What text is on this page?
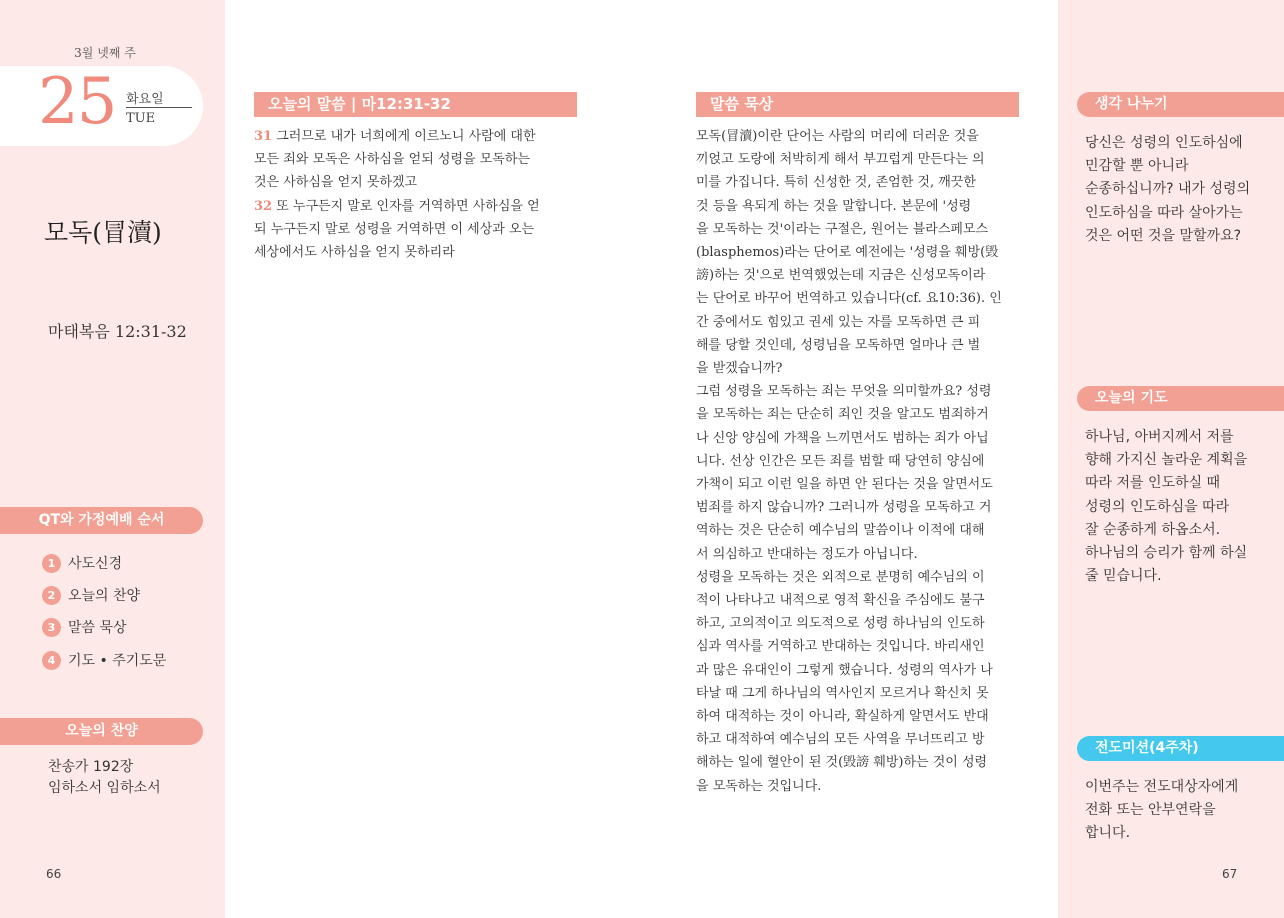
3월 넷째 주
25 화요일
TUE
모독(冒瀆)
마태복음 12:31-32
QT와 가정예배 순서
1 사도신경
2 오늘의 찬양
3 말씀 묵상
4 기도 • 주기도문
오늘의 찬양
찬송가 192장
임하소서 임하소서
66
오늘의 말씀 | 마12:31-32
31 그러므로 내가 너희에게 이르노니 사람에 대한
모든 죄와 모독은 사하심을 얻되 성령을 모독하는
것은 사하심을 얻지 못하겠고
32 또 누구든지 말로 인자를 거역하면 사하심을 얻
되 누구든지 말로 성령을 거역하면 이 세상과 오는
세상에서도 사하심을 얻지 못하리라
말씀 묵상
모독(冒瀆)이란 단어는 사람의 머리에 더러운 것을
끼얹고 도랑에 처박히게 해서 부끄럽게 만든다는 의
미를 가집니다. 특히 신성한 것, 존엄한 것, 깨끗한
것 등을 욕되게 하는 것을 말합니다. 본문에 '성령
을 모독하는 것'이라는 구절은, 원어는 블라스페모스
(blasphemos)라는 단어로 예전에는 '성령을 훼방(毁
謗)하는 것'으로 번역했었는데 지금은 신성모독이라
는 단어로 바꾸어 번역하고 있습니다(cf. 요10:36). 인
간 중에서도 힘있고 권세 있는 자를 모독하면 큰 피
해를 당할 것인데, 성령님을 모독하면 얼마나 큰 벌
을 받겠습니까?
그럼 성령을 모독하는 죄는 무엇을 의미할까요? 성령
을 모독하는 죄는 단순히 죄인 것을 알고도 범죄하거
나 신앙 양심에 가책을 느끼면서도 범하는 죄가 아닙
니다. 선상 인간은 모든 죄를 범할 때 당연히 양심에
가책이 되고 이런 일을 하면 안 된다는 것을 알면서도
범죄를 하지 않습니까? 그러니까 성령을 모독하고 거
역하는 것은 단순히 예수님의 말씀이나 이적에 대해
서 의심하고 반대하는 정도가 아닙니다.
성령을 모독하는 것은 외적으로 분명히 예수님의 이
적이 나타나고 내적으로 영적 확신을 주심에도 불구
하고, 고의적이고 의도적으로 성령 하나님의 인도하
심과 역사를 거역하고 반대하는 것입니다. 바리새인
과 많은 유대인이 그렇게 했습니다. 성령의 역사가 나
타날 때 그게 하나님의 역사인지 모르거나 확신치 못
하여 대적하는 것이 아니라, 확실하게 알면서도 반대
하고 대적하여 예수님의 모든 사역을 무너뜨리고 방
해하는 일에 혈안이 된 것(毁謗 훼방)하는 것이 성령
을 모독하는 것입니다.
생각 나누기
당신은 성령의 인도하심에
민감할 뿐 아니라
순종하십니까? 내가 성령의
인도하심을 따라 살아가는
것은 어떤 것을 말할까요?
오늘의 기도
하나님, 아버지께서 저를
향해 가지신 놀라운 계획을
따라 저를 인도하실 때
성령의 인도하심을 따라
잘 순종하게 하옵소서.
하나님의 승리가 함께 하실
줄 믿습니다.
전도미션(4주차)
이번주는 전도대상자에게
전화 또는 안부연락을
합니다.
67
